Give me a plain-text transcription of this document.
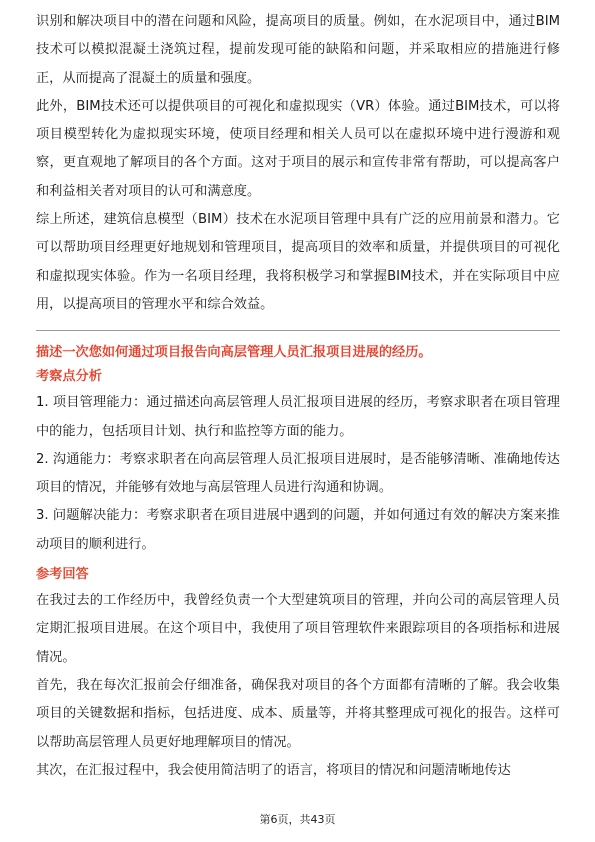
识别和解决项目中的潜在问题和风险，提高项目的质量。例如，在水泥项目中，通过BIM技术可以模拟混凝土浇筑过程，提前发现可能的缺陷和问题，并采取相应的措施进行修正，从而提高了混凝土的质量和强度。

此外，BIM技术还可以提供项目的可视化和虚拟现实（VR）体验。通过BIM技术，可以将项目模型转化为虚拟现实环境，使项目经理和相关人员可以在虚拟环境中进行漫游和观察，更直观地了解项目的各个方面。这对于项目的展示和宣传非常有帮助，可以提高客户和利益相关者对项目的认可和满意度。

综上所述，建筑信息模型（BIM）技术在水泥项目管理中具有广泛的应用前景和潜力。它可以帮助项目经理更好地规划和管理项目，提高项目的效率和质量，并提供项目的可视化和虚拟现实体验。作为一名项目经理，我将积极学习和掌握BIM技术，并在实际项目中应用，以提高项目的管理水平和综合效益。

描述一次您如何通过项目报告向高层管理人员汇报项目进展的经历。

考察点分析

1. 项目管理能力：通过描述向高层管理人员汇报项目进展的经历，考察求职者在项目管理中的能力，包括项目计划、执行和监控等方面的能力。

2. 沟通能力：考察求职者在向高层管理人员汇报项目进展时，是否能够清晰、准确地传达项目的情况，并能够有效地与高层管理人员进行沟通和协调。

3. 问题解决能力：考察求职者在项目进展中遇到的问题，并如何通过有效的解决方案来推动项目的顺利进行。

参考回答

在我过去的工作经历中，我曾经负责一个大型建筑项目的管理，并向公司的高层管理人员定期汇报项目进展。在这个项目中，我使用了项目管理软件来跟踪项目的各项指标和进展情况。

首先，我在每次汇报前会仔细准备，确保我对项目的各个方面都有清晰的了解。我会收集项目的关键数据和指标，包括进度、成本、质量等，并将其整理成可视化的报告。这样可以帮助高层管理人员更好地理解项目的情况。

其次，在汇报过程中，我会使用简洁明了的语言，将项目的情况和问题清晰地传达

第6页，共43页
